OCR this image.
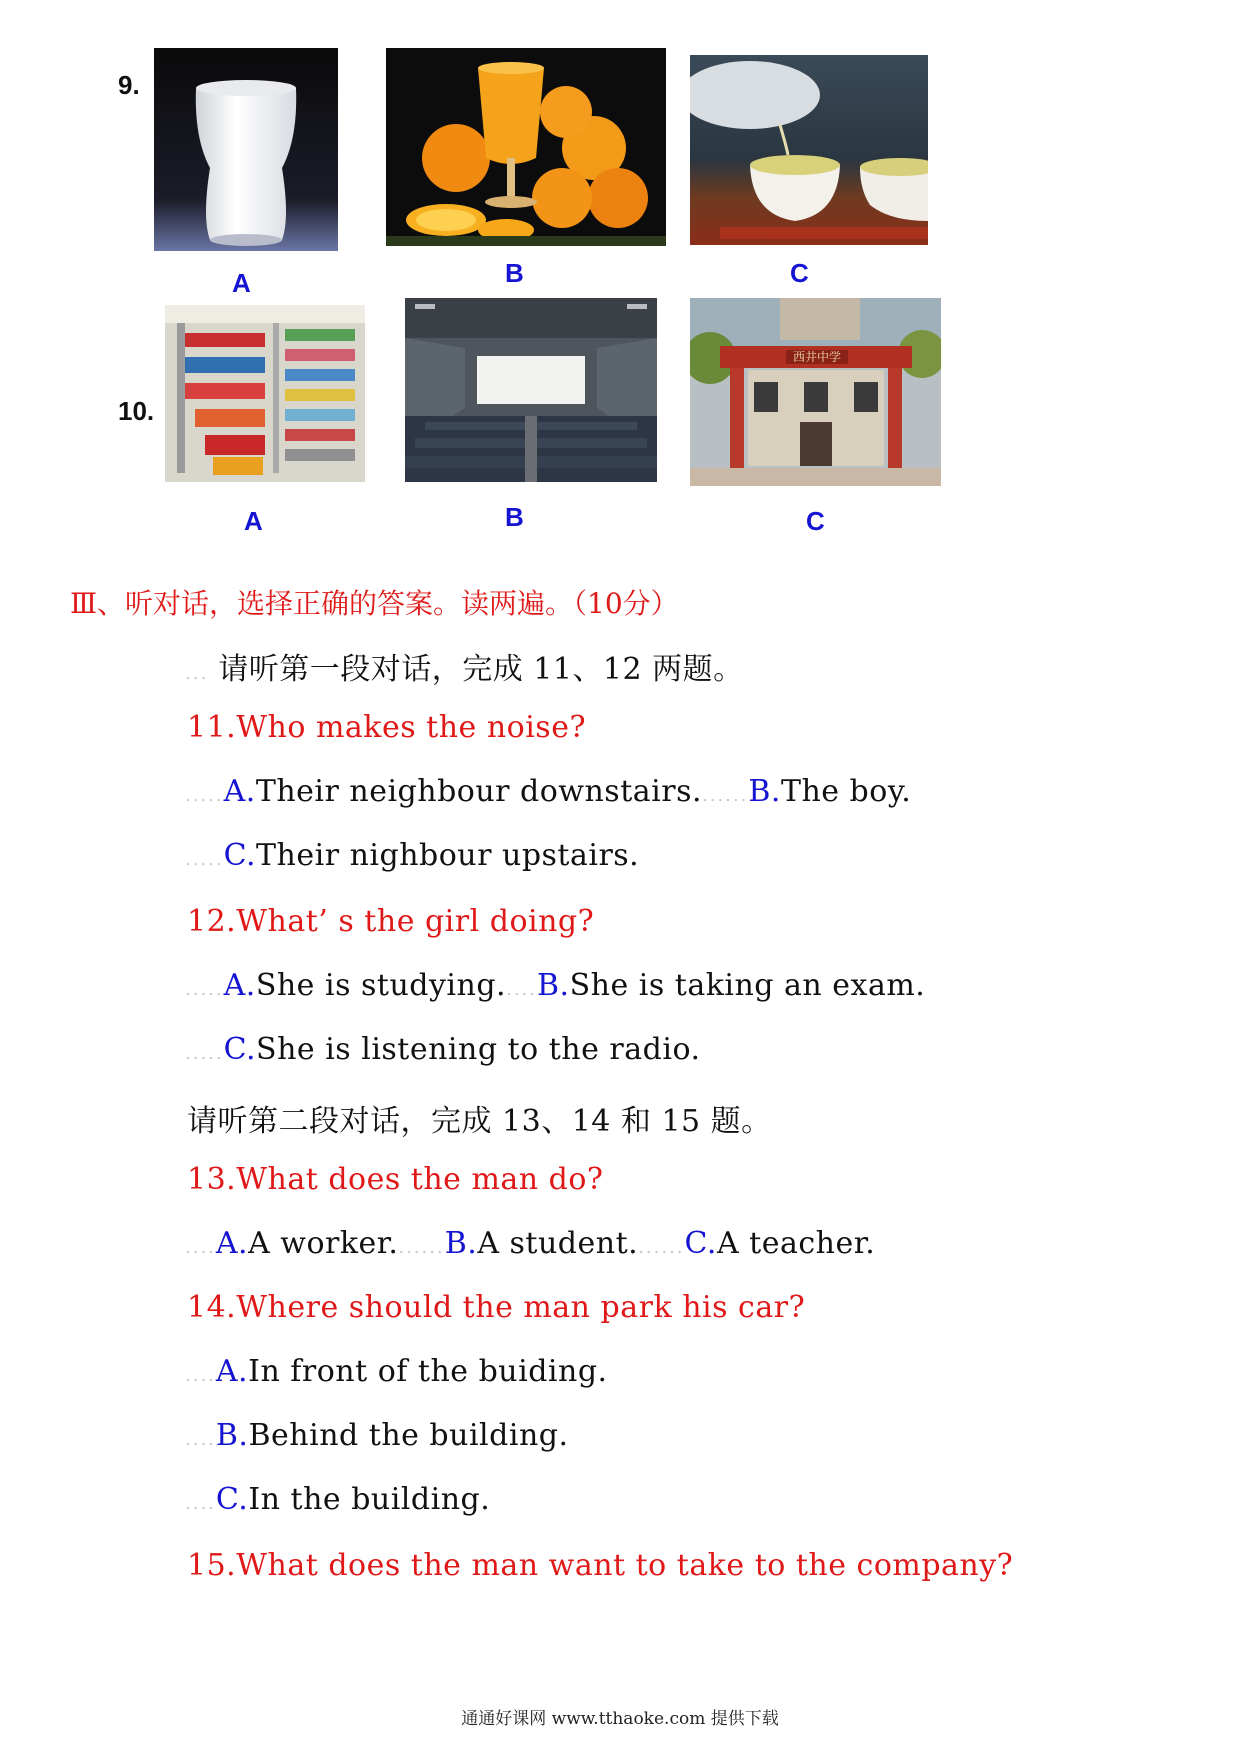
9.
A	B	C
10.
A	B
西井中学
C
Ⅲ、听对话，选择正确的答案。读两遍。（10分）
... 请听第一段对话，完成 11、12 两题。
11.Who makes the noise?
.....A.Their neighbour downstairs.......B.The boy.
.....C.Their nighbour upstairs.
12.What’ s the girl doing?
.....A.She is studying.....B.She is taking an exam.
.....C.She is listening to the radio.
请听第二段对话，完成 13、14 和 15 题。
13.What does the man do?
....A.A worker.......B.A student.......C.A teacher.
14.Where should the man park his car?
....A.In front of the buiding.
....B.Behind the building.
....C.In the building.
15.What does the man want to take to the company?
通通好课网 www.tthaoke.com 提供下载
